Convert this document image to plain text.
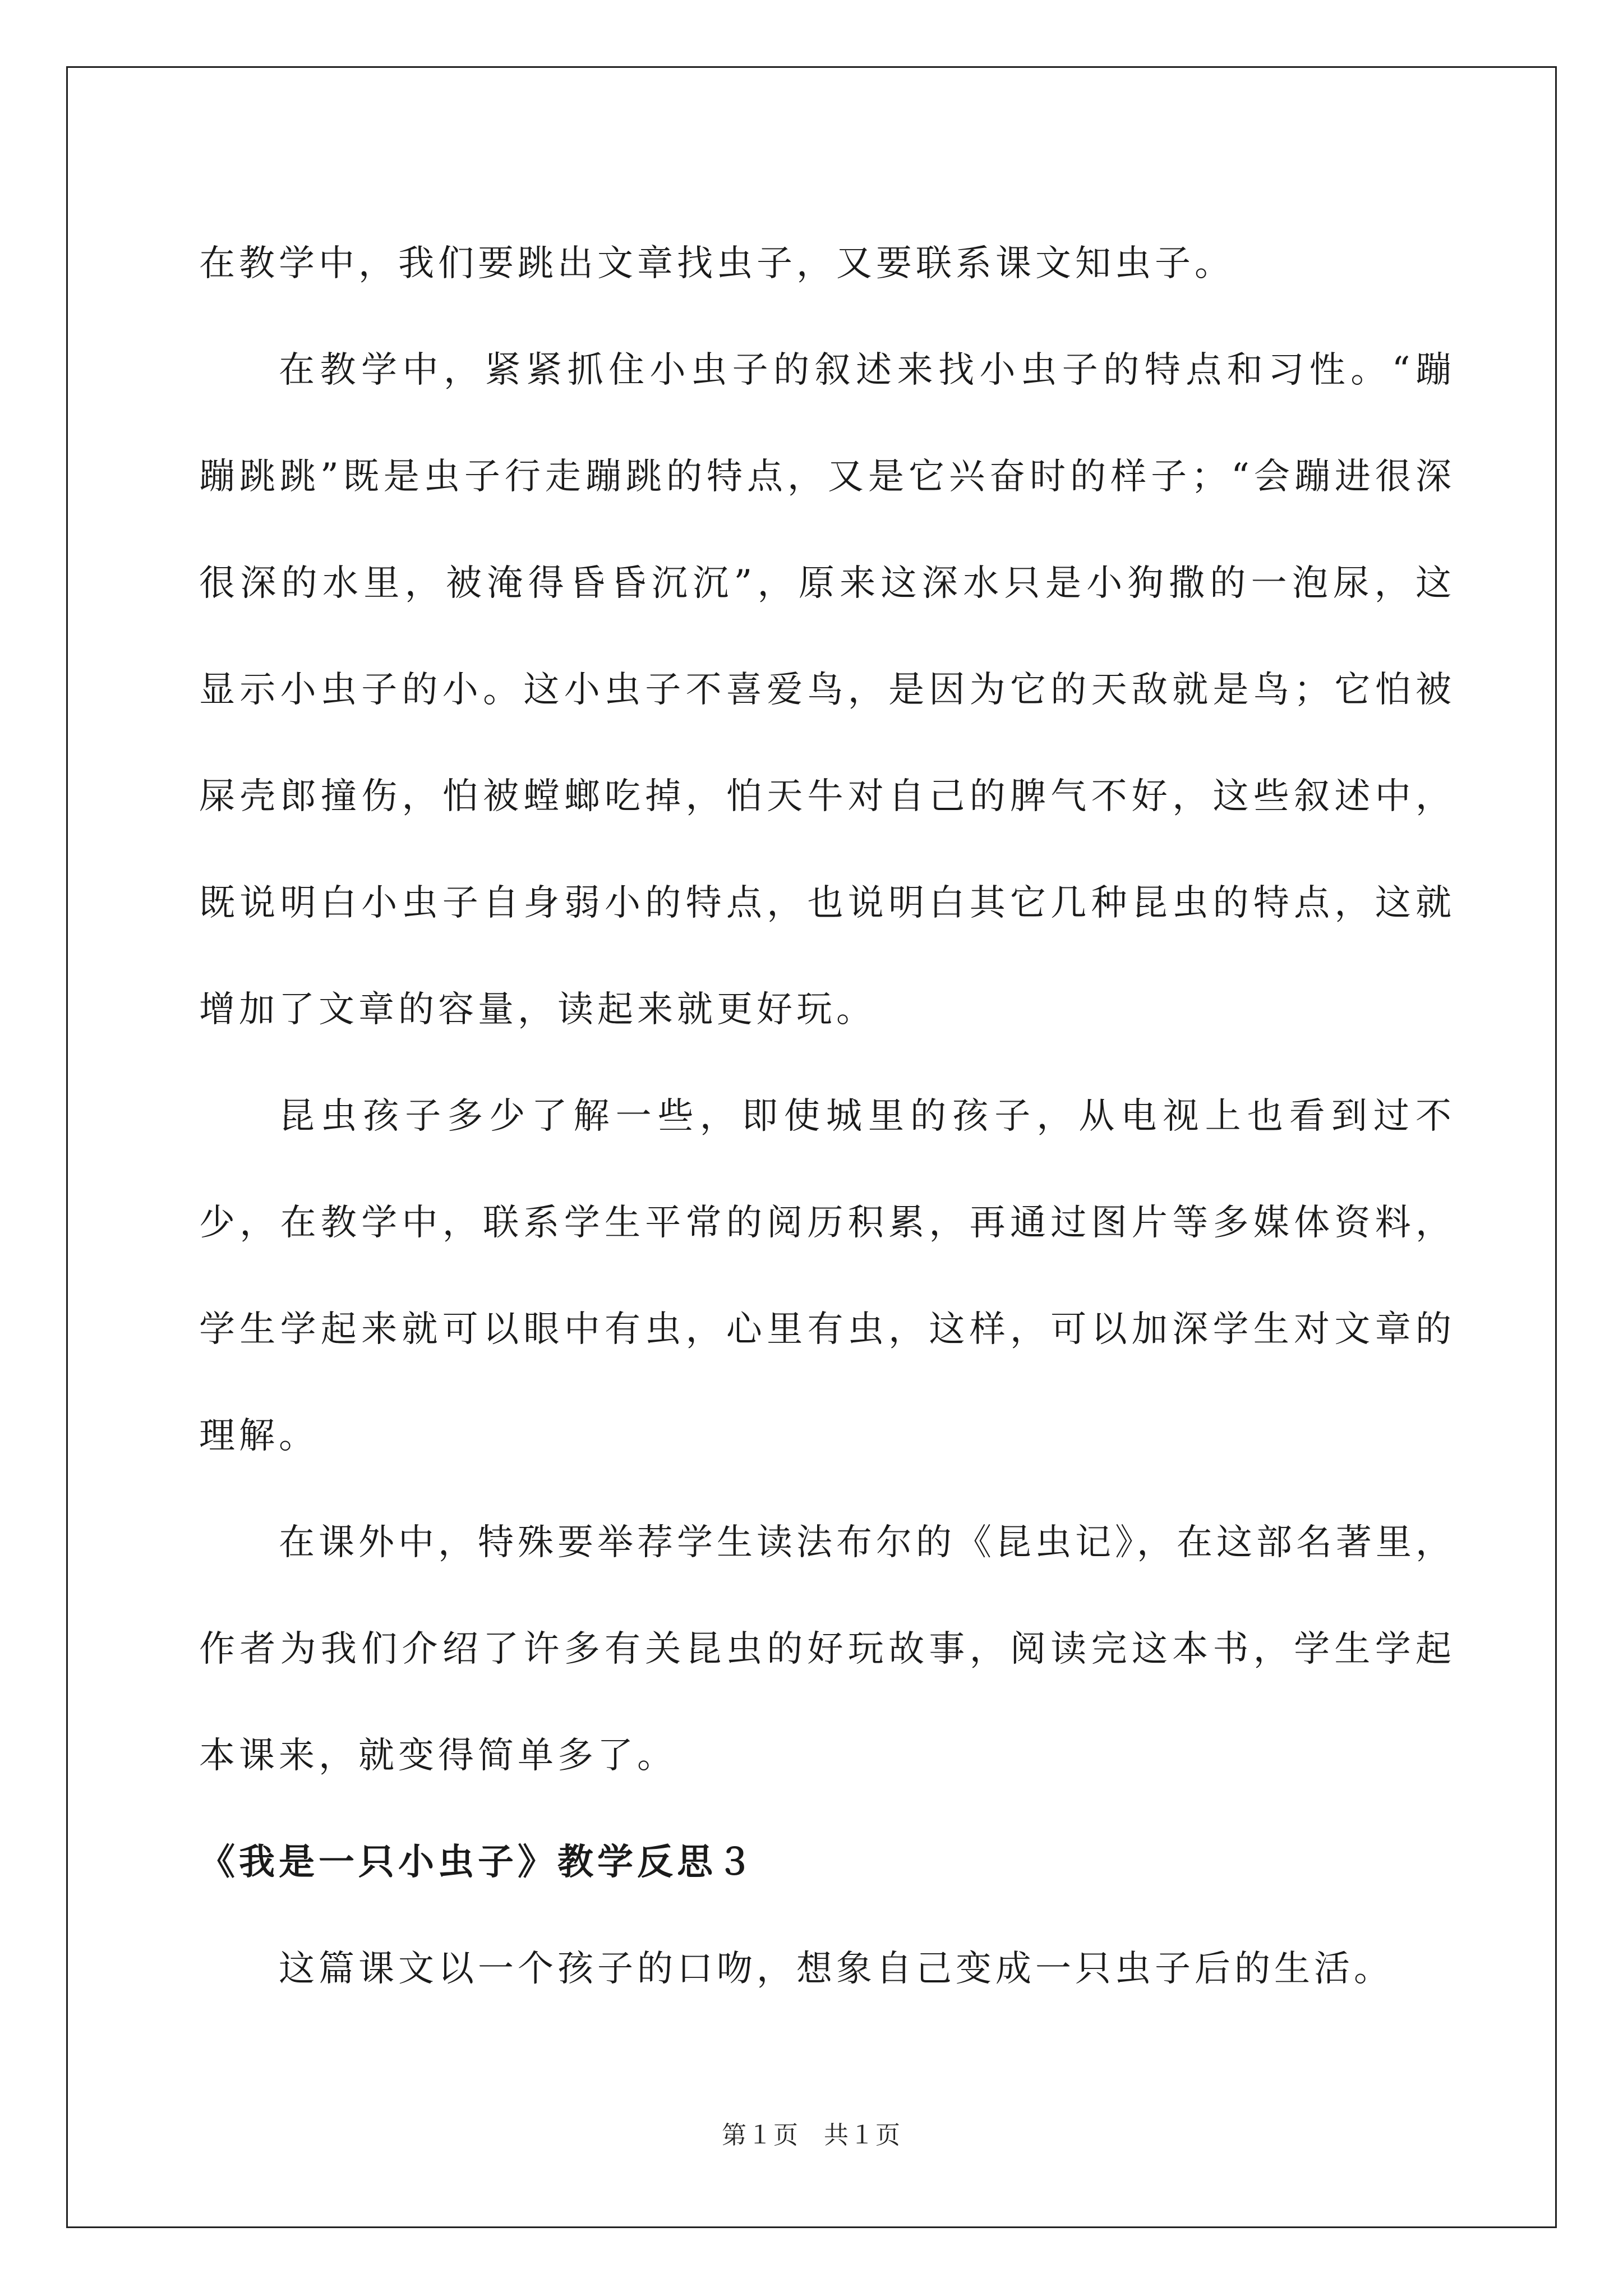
在教学中，我们要跳出文章找虫子，又要联系课文知虫子。

在教学中，紧紧抓住小虫子的叙述来找小虫子的特点和习性。“蹦蹦跳跳”既是虫子行走蹦跳的特点，又是它兴奋时的样子；“会蹦进很深很深的水里，被淹得昏昏沉沉”，原来这深水只是小狗撒的一泡尿，这显示小虫子的小。这小虫子不喜爱鸟，是因为它的天敌就是鸟；它怕被屎壳郎撞伤，怕被螳螂吃掉，怕天牛对自己的脾气不好，这些叙述中，既说明白小虫子自身弱小的特点，也说明白其它几种昆虫的特点，这就增加了文章的容量，读起来就更好玩。

昆虫孩子多少了解一些，即使城里的孩子，从电视上也看到过不少，在教学中，联系学生平常的阅历积累，再通过图片等多媒体资料，学生学起来就可以眼中有虫，心里有虫，这样，可以加深学生对文章的理解。

在课外中，特殊要举荐学生读法布尔的《昆虫记》，在这部名著里，作者为我们介绍了许多有关昆虫的好玩故事，阅读完这本书，学生学起本课来，就变得简单多了。

《我是一只小虫子》教学反思３

这篇课文以一个孩子的口吻，想象自己变成一只虫子后的生活。

第１页 共１页
